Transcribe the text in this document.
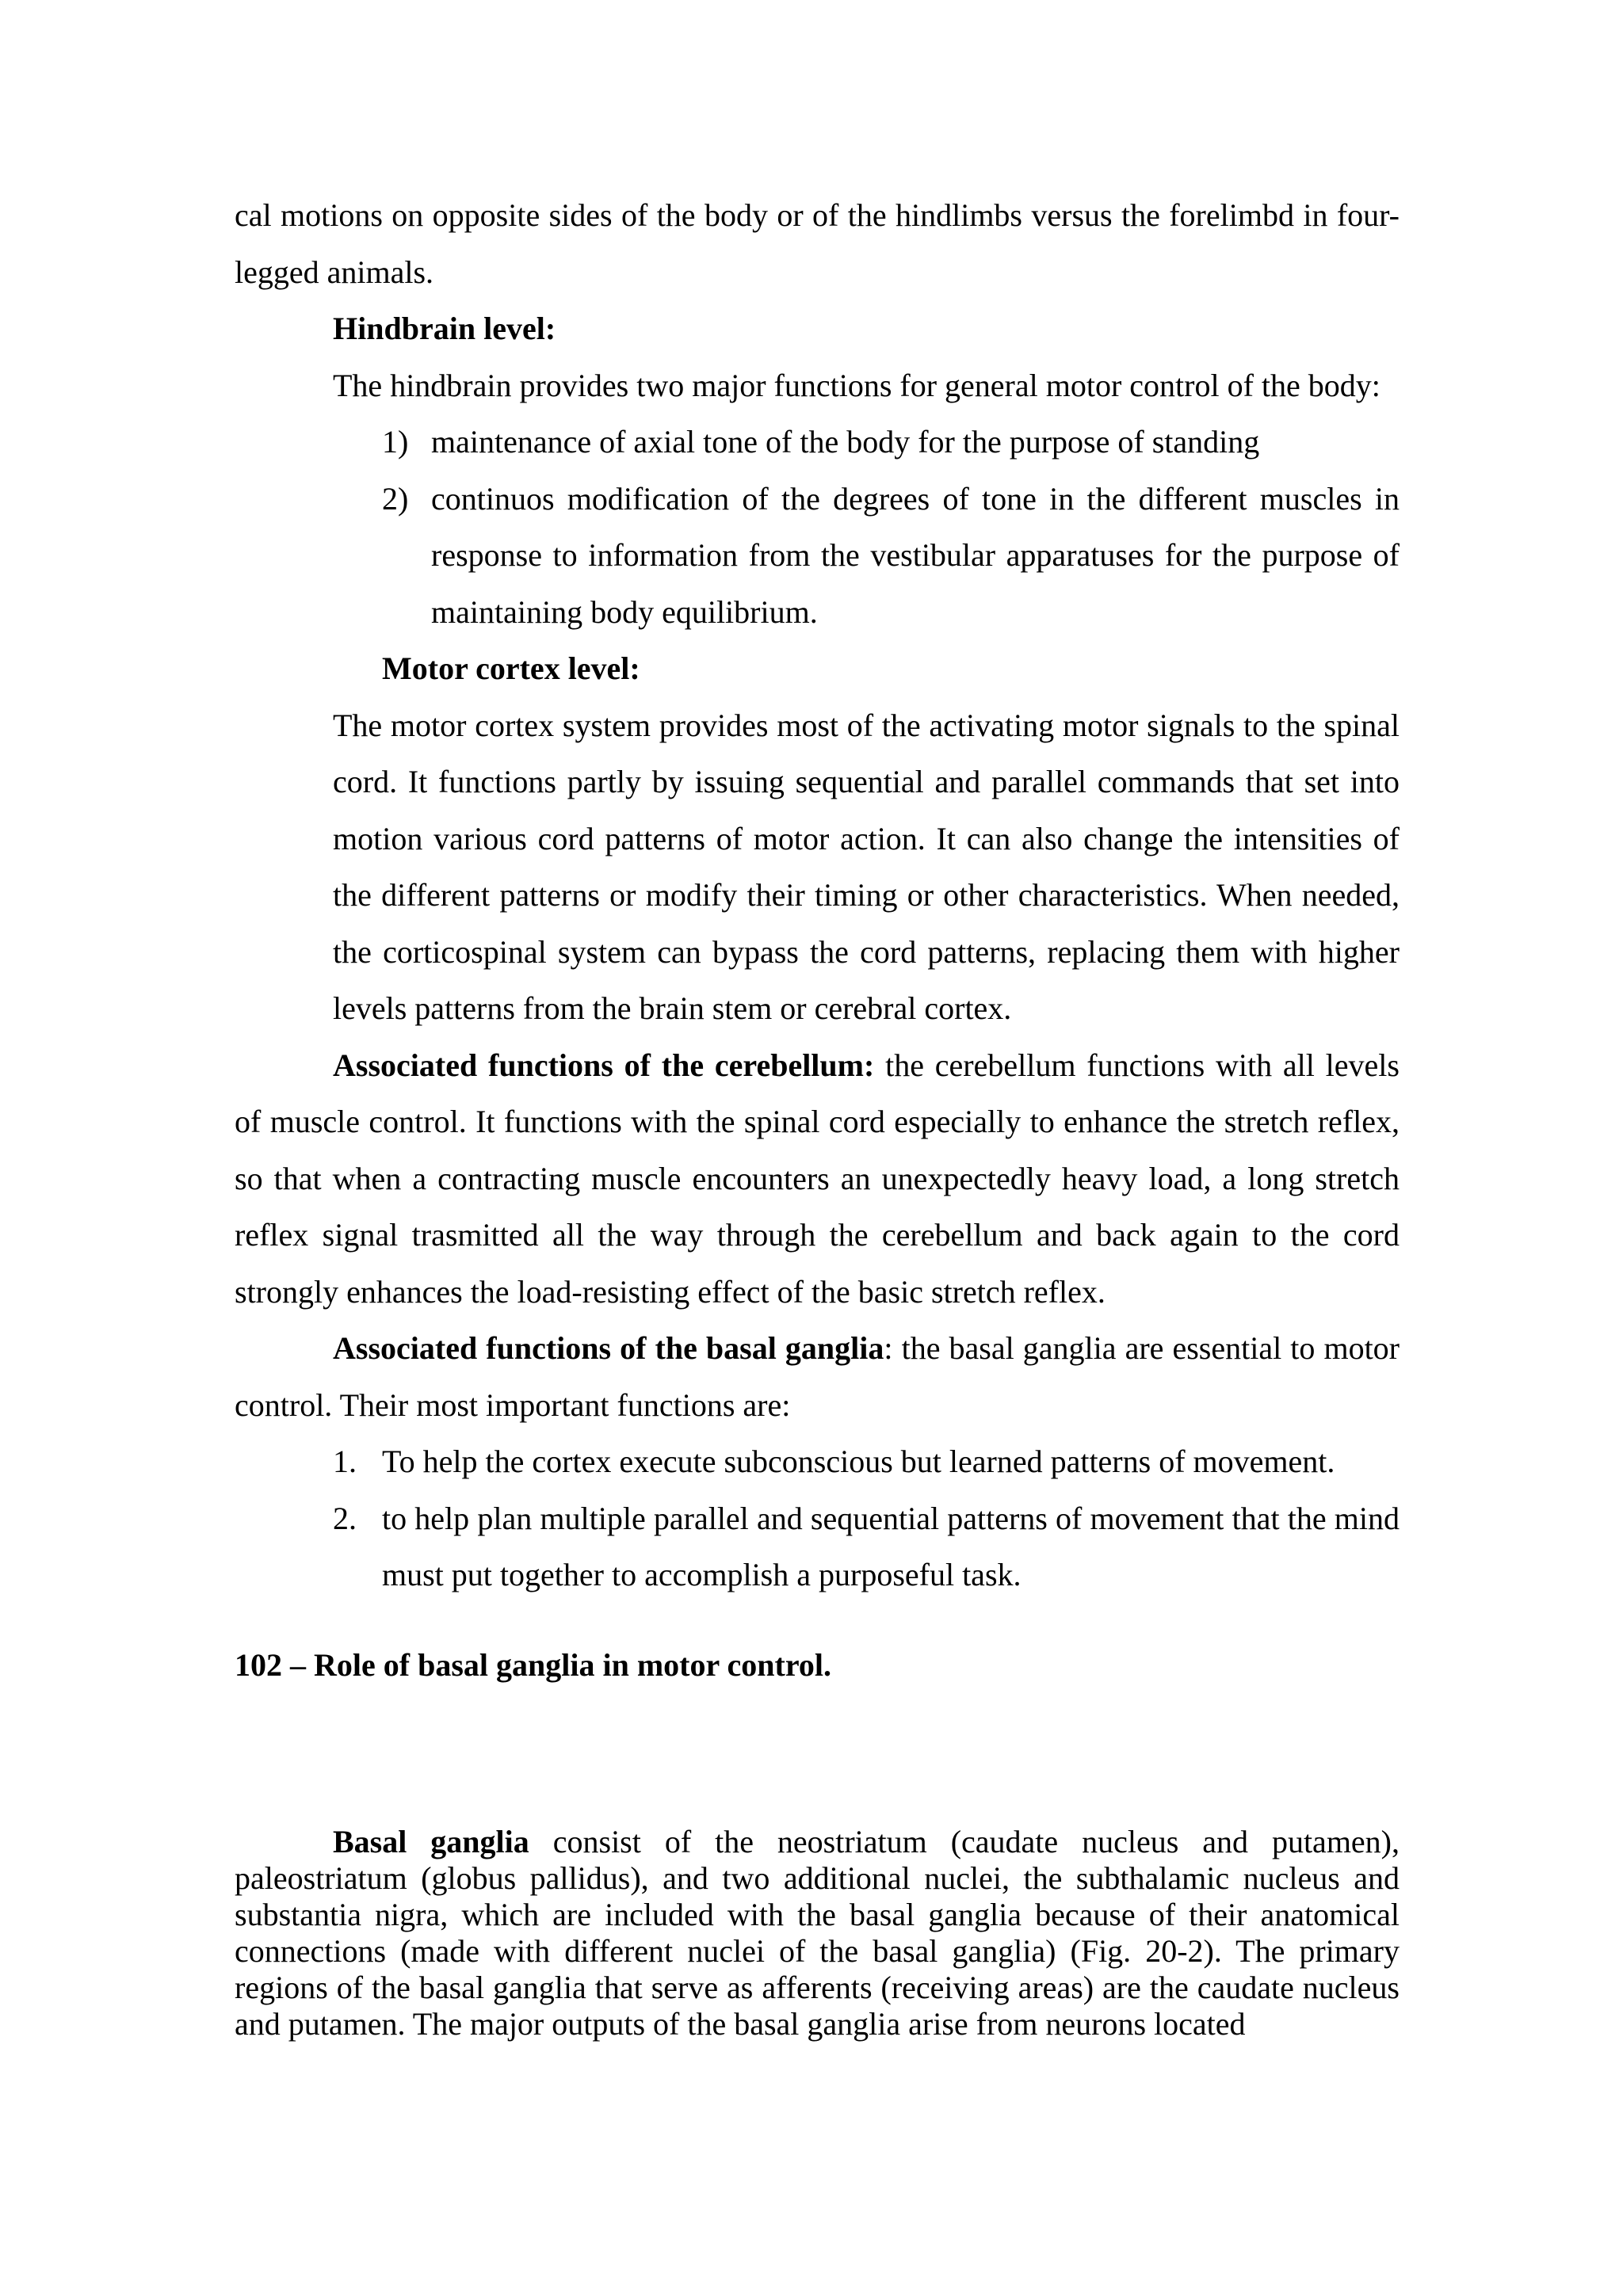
cal motions on opposite sides of the body or of the hindlimbs versus the forelimbd in four-legged animals.

Hindbrain level:

The hindbrain provides two major functions for general motor control of the body:

1) maintenance of axial tone of the body for the purpose of standing
2) continuos modification of the degrees of tone in the different muscles in response to information from the vestibular apparatuses for the purpose of maintaining body equilibrium.

Motor cortex level:

The motor cortex system provides most of the activating motor signals to the spinal cord. It functions partly by issuing sequential and parallel commands that set into motion various cord patterns of motor action. It can also change the intensities of the different patterns or modify their timing or other characteristics. When needed, the corticospinal system can bypass the cord patterns, replacing them with higher levels patterns from the brain stem or cerebral cortex.

Associated functions of the cerebellum: the cerebellum functions with all levels of muscle control. It functions with the spinal cord especially to enhance the stretch reflex, so that when a contracting muscle encounters an unexpectedly heavy load, a long stretch reflex signal trasmitted all the way through the cerebellum and back again to the cord strongly enhances the load-resisting effect of the basic stretch reflex.

Associated functions of the basal ganglia: the basal ganglia are essential to motor control. Their most important functions are:

1. To help the cortex execute subconscious but learned patterns of movement.
2. to help plan multiple parallel and sequential patterns of movement that the mind must put together to accomplish a purposeful task.

102 – Role of basal ganglia in motor control.

Basal ganglia consist of the neostriatum (caudate nucleus and putamen), paleostriatum (globus pallidus), and two additional nuclei, the subthalamic nucleus and substantia nigra, which are included with the basal ganglia because of their anatomical connections (made with different nuclei of the basal ganglia) (Fig. 20-2). The primary regions of the basal ganglia that serve as afferents (receiving areas) are the caudate nucleus and putamen. The major outputs of the basal ganglia arise from neurons located
